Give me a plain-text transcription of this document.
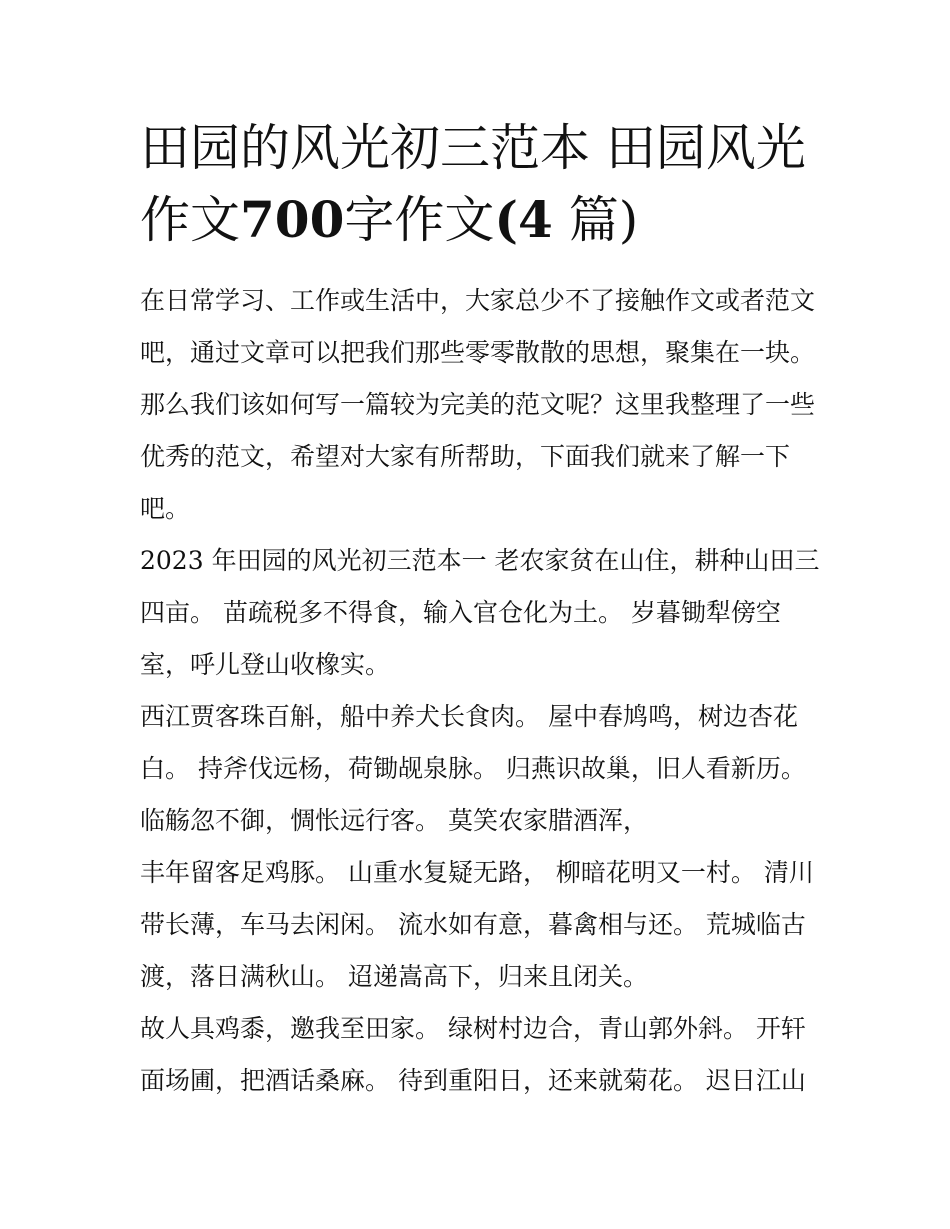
田园的风光初三范本 田园风光
作文700字作文(4 篇)

在日常学习、工作或生活中，大家总少不了接触作文或者范文
吧，通过文章可以把我们那些零零散散的思想，聚集在一块。
那么我们该如何写一篇较为完美的范文呢？这里我整理了一些
优秀的范文，希望对大家有所帮助，下面我们就来了解一下
吧。

2023 年田园的风光初三范本一 老农家贫在山住，耕种山田三
四亩。 苗疏税多不得食，输入官仓化为土。 岁暮锄犁傍空
室，呼儿登山收橡实。

西江贾客珠百斛，船中养犬长食肉。 屋中春鸠鸣，树边杏花
白。 持斧伐远杨，荷锄觇泉脉。 归燕识故巢，旧人看新历。
临觞忽不御，惆怅远行客。 莫笑农家腊酒浑，

丰年留客足鸡豚。 山重水复疑无路， 柳暗花明又一村。 清川
带长薄，车马去闲闲。 流水如有意，暮禽相与还。 荒城临古
渡，落日满秋山。 迢递嵩高下，归来且闭关。

故人具鸡黍，邀我至田家。 绿树村边合，青山郭外斜。 开轩
面场圃，把酒话桑麻。 待到重阳日，还来就菊花。 迟日江山
